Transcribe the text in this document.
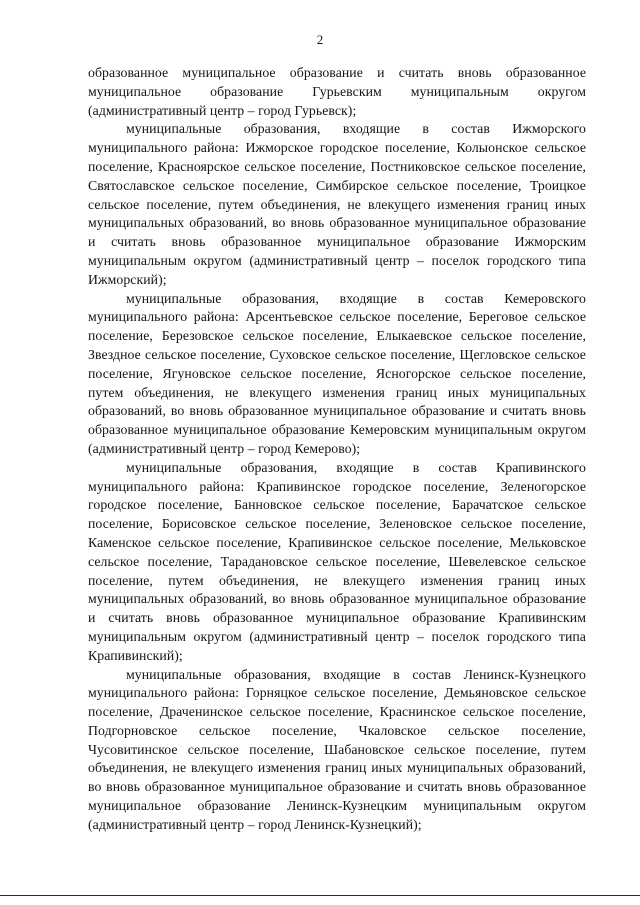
2

образованное муниципальное образование и считать вновь образованное муниципальное образование Гурьевским муниципальным округом (административный центр – город Гурьевск);

муниципальные образования, входящие в состав Ижморского муниципального района: Ижморское городское поселение, Колыонское сельское поселение, Красноярское сельское поселение, Постниковское сельское поселение, Святославское сельское поселение, Симбирское сельское поселение, Троицкое сельское поселение, путем объединения, не влекущего изменения границ иных муниципальных образований, во вновь образованное муниципальное образование и считать вновь образованное муниципальное образование Ижморским муниципальным округом (административный центр – поселок городского типа Ижморский);

муниципальные образования, входящие в состав Кемеровского муниципального района: Арсентьевское сельское поселение, Береговое сельское поселение, Березовское сельское поселение, Елыкаевское сельское поселение, Звездное сельское поселение, Суховское сельское поселение, Щегловское сельское поселение, Ягуновское сельское поселение, Ясногорское сельское поселение, путем объединения, не влекущего изменения границ иных муниципальных образований, во вновь образованное муниципальное образование и считать вновь образованное муниципальное образование Кемеровским муниципальным округом (административный центр – город Кемерово);

муниципальные образования, входящие в состав Крапивинского муниципального района: Крапивинское городское поселение, Зеленогорское городское поселение, Банновское сельское поселение, Барачатское сельское поселение, Борисовское сельское поселение, Зеленовское сельское поселение, Каменское сельское поселение, Крапивинское сельское поселение, Мельковское сельское поселение, Тарадановское сельское поселение, Шевелевское сельское поселение, путем объединения, не влекущего изменения границ иных муниципальных образований, во вновь образованное муниципальное образование и считать вновь образованное муниципальное образование Крапивинским муниципальным округом (административный центр – поселок городского типа Крапивинский);

муниципальные образования, входящие в состав Ленинск-Кузнецкого муниципального района: Горняцкое сельское поселение, Демьяновское сельское поселение, Драченинское сельское поселение, Краснинское сельское поселение, Подгорновское сельское поселение, Чкаловское сельское поселение, Чусовитинское сельское поселение, Шабановское сельское поселение, путем объединения, не влекущего изменения границ иных муниципальных образований, во вновь образованное муниципальное образование и считать вновь образованное муниципальное образование Ленинск-Кузнецким муниципальным округом (административный центр – город Ленинск-Кузнецкий);
